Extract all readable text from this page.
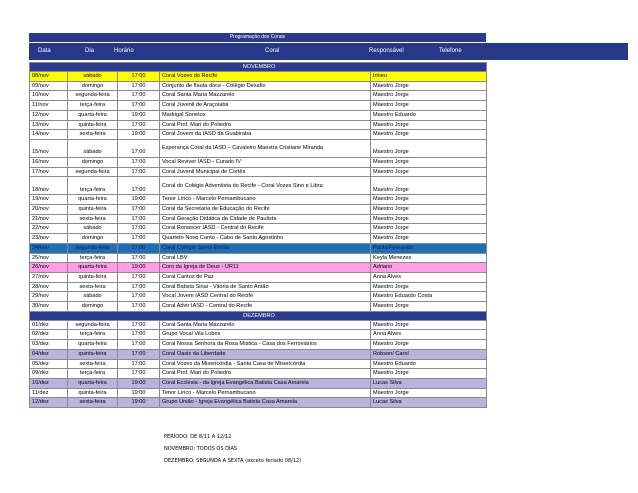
Programação dos Corais
Data	Dia	Horário	Coral	Responsável	Telefone
NOVEMBRO				
08/nov	sábado	17:00	Coral Vozes do Recife	Irineu
09/nov	domingo	17:00	Conjunto de flauta doce - Colégio Desafio	Maestro Jorge
10/nov	segunda-feira	17:00	Coral Santa Maria Mazzarelo	Maestro Jorge
11/nov	terça-feira	17:00	Coral Juvenil de Araçoiaba	Maestro Jorge
12/nov	quarta-feira	19:00	Madrigal Sonetos	Maestro Eduardo
13/nov	quinta-feira	17:00	Coral Prof. Mari do Poliedro	Maestro Jorge
14/nov	sexta-feira	19:00	Coral Jovem da IASD da Guabiraba	Maestro Jorge
15/nov	sábado	17:00	Esperança Coral da IASD – Cavaleiro Maestra Cristiane Miranda	Maestro Jorge
16/nov	domingo	17:00	Vocal Reviver IASD - Curado IV	Maestro Jorge
17/nov	segunda-feira	17:00	Coral Juvenil Municipal de Cortês	Maestro Jorge
18/nov	terça-feira	17:00	Coral do Colégio Adventista do Recife - Coral Vozes Sino e Libra	Maestro Jorge
19/nov	quarta-feira	19:00	Tenor Lírico - Marcelo Pernambucano	Maestro Jorge
20/nov	quinta-feira	17:00	Coral da Secretaria de Educação do Recife	Maestro Jorge
21/nov	sexta-feira	17:00	Coral Geração Didática da Cidade de Paulista	Maestro Jorge
22/nov	sábado	17:00	Coral Renascer IASD - Central do Recife	Maestro Jorge
23/nov	domingo	17:00	Quarteto Novo Canto - Cabo de Santo Agostinho	Maestro Jorge
24/nov	segunda-feira	17:00	Coral Colégio Santa Emília	Paula/Fernando
25/nov	terça-feira	17:00	Coral LBV	Keyla Menezes
26/nov	quarta-feira	19:00	Coro da Igreja de Deus - UR11	Adriano
27/nov	quinta-feira	17:00	Coral Cantos de Paz	Anna Alves
28/nov	sexta-feira	17:00	Coral Batista Sinai - Vitória de Santo Antão	Maestro Jorge
29/nov	sábado	17:00	Vocal Jovem IASD Central do Recife	Maestro Eduardo Costa
30/nov	domingo	17:00	Coral Advir IASD - Central do Recife	Maestro Jorge
DEZEMBRO				
01/dez	segunda-feira	17:00	Coral Santa Maria Mazzarelo	Maestro Jorge
02/dez	terça-feira	17:00	Grupo Vocal Vila Lobos	Anna Alves
03/dez	quarta-feira	17:00	Coral Nossa Senhora da Rosa Mística - Casa dos Ferroviários	Maestro Jorge
04/dez	quinta-feira	17:00	Coral Oasis da Liberdade	Robson/ Carol
05/dez	sexta-feira	17:00	Coral Vozes da Misericórdia - Santa Casa de Misericórdia	Maestro Eduardo
09/dez	terça-feira	17:00	Coral Prof. Mari do Poliedro	Maestro Jorge
10/dez	quarta-feira	19:00	Coral Ecclesia - da Igreja Evangélica Batista Casa Amarela	Lucas Silva
11/dez	quinta-feira	19:00	Tenor Lírico - Marcelo Pernambucano	Maestro Jorge
12/dez	sexta-feira	19:00	Grupo União - Igreja Evangélica Batista Casa Amarela	Lucas Silva
PERÍODO: DE 8/11 A 12/12
NOVEMBRO: TODOS OS DIAS
DEZEMBRO: SEGUNDA A SEXTA (exceto feriado 08/12)
